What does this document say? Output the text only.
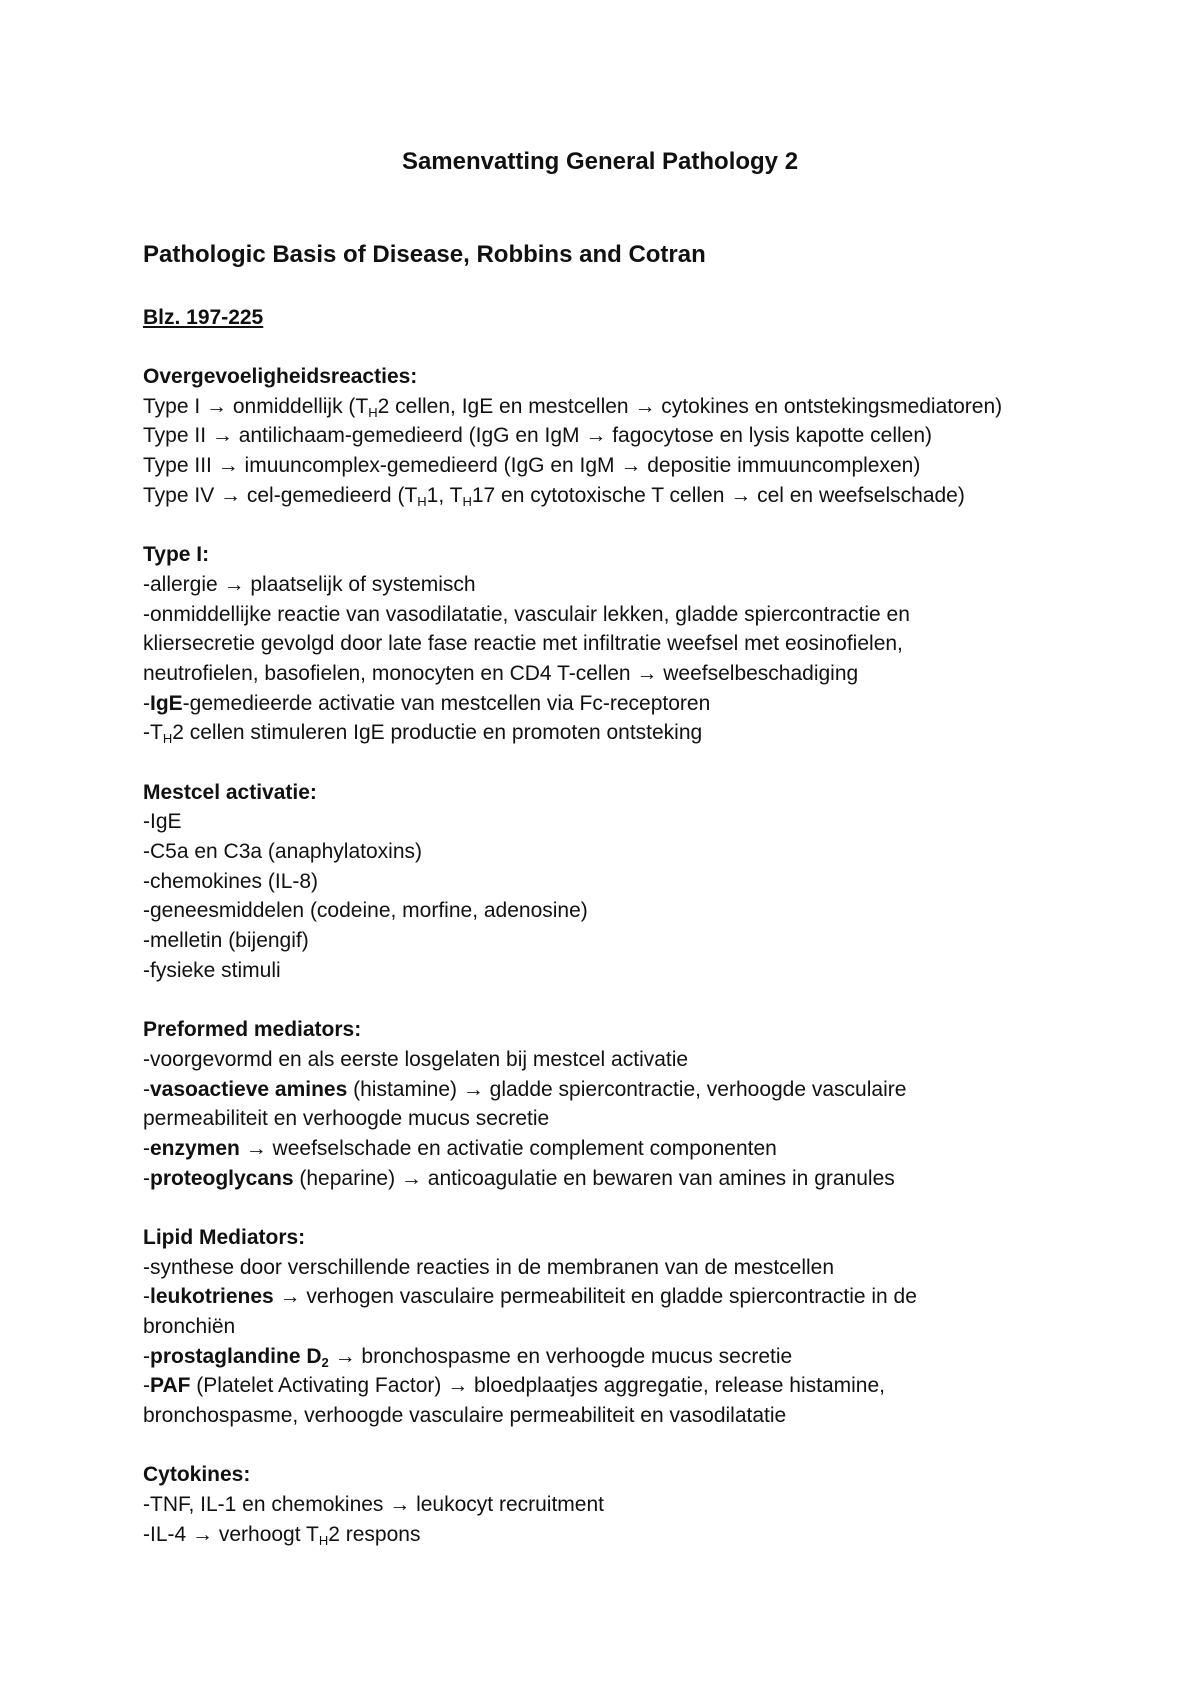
Samenvatting General Pathology 2
Pathologic Basis of Disease, Robbins and Cotran
Blz. 197-225
Overgevoeligheidsreacties:
Type I → onmiddellijk ($T_H2$ cellen, IgE en mestcellen → cytokines en ontstekingsmediatoren)
Type II → antilichaam-gemedieerd (IgG en IgM → fagocytose en lysis kapotte cellen)
Type III → imuuncomplex-gemedieerd (IgG en IgM → depositie immuuncomplexen)
Type IV → cel-gemedieerd ($T_H1$, $T_H17$ en cytotoxische T cellen → cel en weefselschade)
Type I:
-allergie → plaatselijk of systemisch
-onmiddellijke reactie van vasodilatatie, vasculair lekken, gladde spiercontractie en
kliersecretie gevolgd door late fase reactie met infiltratie weefsel met eosinofielen,
neutrofielen, basofielen, monocyten en CD4 T-cellen → weefselbeschadiging
-IgE-gemedieerde activatie van mestcellen via Fc-receptoren
$-T_H2$ cellen stimuleren IgE productie en promoten ontsteking
Mestcel activatie:
-IgE
-C5a en C3a (anaphylatoxins)
-chemokines (IL-8)
-geneesmiddelen (codeine, morfine, adenosine)
-melletin (bijengif)
-fysieke stimuli
Preformed mediators:
-voorgevormd en als eerste losgelaten bij mestcel activatie
-vasoactieve amines (histamine) → gladde spiercontractie, verhoogde vasculaire
permeabiliteit en verhoogde mucus secretie
-enzymen → weefselschade en activatie complement componenten
-proteoglycans (heparine) → anticoagulatie en bewaren van amines in granules
Lipid Mediators:
-synthese door verschillende reacties in de membranen van de mestcellen
-leukotrienes → verhogen vasculaire permeabiliteit en gladde spiercontractie in de
bronchiën
-prostaglandine $D_2$ → bronchospasme en verhoogde mucus secretie
-PAF (Platelet Activating Factor) → bloedplaatjes aggregatie, release histamine,
bronchospasme, verhoogde vasculaire permeabiliteit en vasodilatatie
Cytokines:
-TNF, IL-1 en chemokines → leukocyt recruitment
-IL-4 → verhoogt $T_H2$ respons
